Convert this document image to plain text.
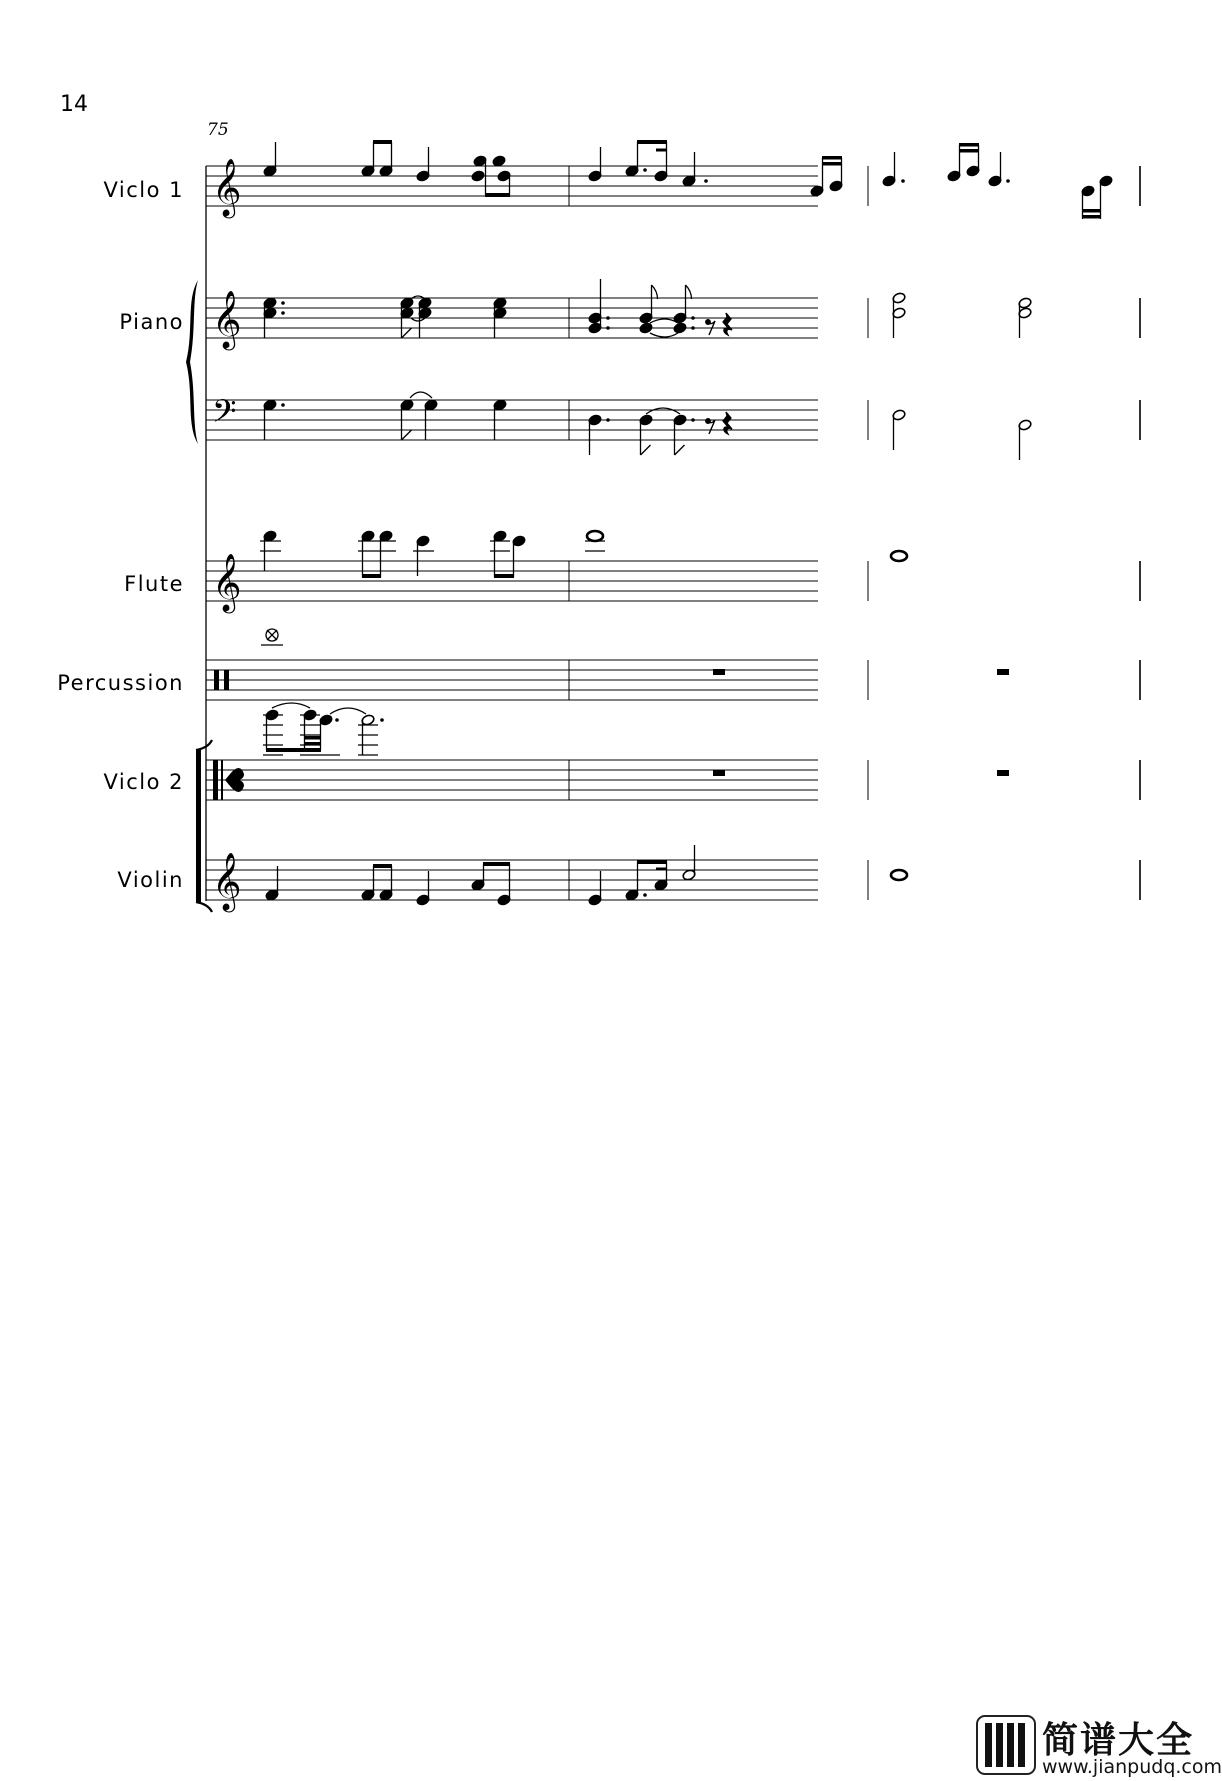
14
75
Viclo 1
Piano
Flute
Percussion
Viclo 2
Violin
𝄞
𝄞
𝄢
𝄞
𝄞
简谱大全
www.jianpudq.com
